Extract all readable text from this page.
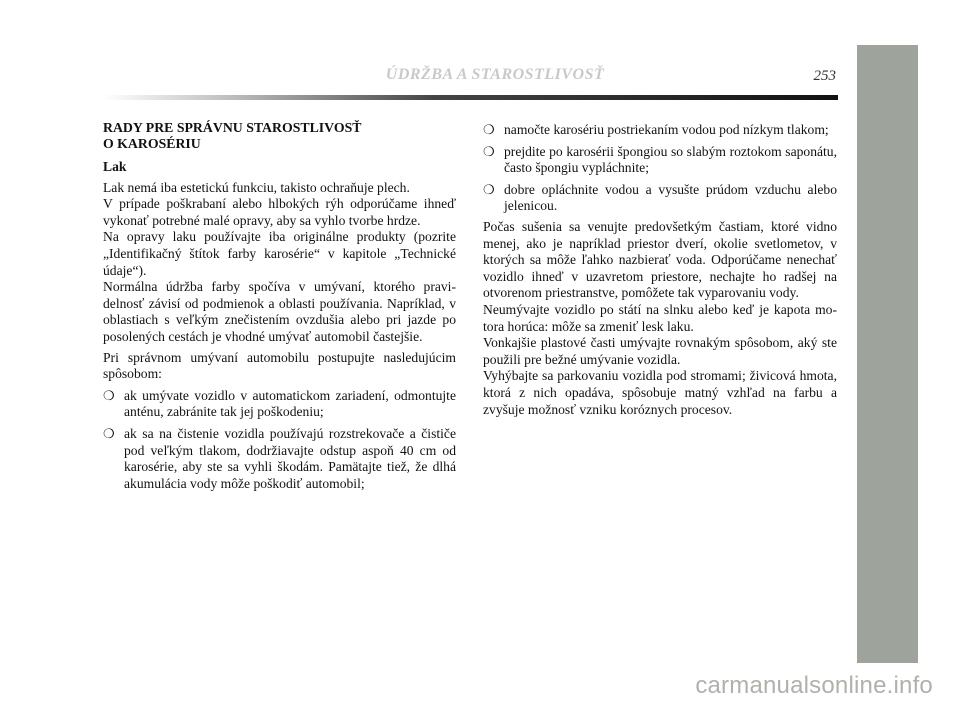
ÚDRŽBA A STAROSTLIVOSŤ	253
RADY PRE SPRÁVNU STAROSTLIVOSŤ
O KAROSÉRIU
Lak

Lak nemá iba estetickú funkciu, takisto ochraňuje plech.

V prípade poškrabaní alebo hlbokých rýh odporúčame ihneď vykonať potrebné malé opravy, aby sa vyhlo tvorbe hrdze.

Na opravy laku používajte iba originálne produkty (pozrite „Identifikačný štítok farby karosérie“ v kapitole „Technické údaje“).

Normálna údržba farby spočíva v umývaní, ktorého pravidelnosť závisí od podmienok a oblasti používania. Napríklad, v oblastiach s veľkým znečistením ovzdušia alebo pri jazde po posolených cestách je vhodné umývať automobil častejšie.

Pri správnom umývaní automobilu postupujte nasledujúcim spôsobom:

❍ ak umývate vozidlo v automatickom zariadení, odmontujte anténu, zabránite tak jej poškodeniu;
❍ ak sa na čistenie vozidla používajú rozstrekovače a čističe pod veľkým tlakom, dodržiavajte odstup aspoň 40 cm od karosérie, aby ste sa vyhli škodám. Pamätajte tiež, že dlhá akumulácia vody môže poškodiť automobil;
❍ namočte karosériu postriekaním vodou pod nízkym tlakom;
❍ prejdite po karosérii špongiou so slabým roztokom saponátu, často špongiu vypláchnite;
❍ dobre opláchnite vodou a vysušte prúdom vzduchu alebo jelenicou.

Počas sušenia sa venujte predovšetkým častiam, ktoré vidno menej, ako je napríklad priestor dverí, okolie svetlometov, v ktorých sa môže ľahko nazbierať voda. Odporúčame nenechať vozidlo ihneď v uzavretom priestore, nechajte ho radšej na otvorenom priestranstve, pomôžete tak vyparovaniu vody.

Neumývajte vozidlo po státí na slnku alebo keď je kapota motora horúca: môže sa zmeniť lesk laku.

Vonkajšie plastové časti umývajte rovnakým spôsobom, aký ste použili pre bežné umývanie vozidla.

Vyhýbajte sa parkovaniu vozidla pod stromami; živicová hmota, ktorá z nich opadáva, spôsobuje matný vzhľad na farbu a zvyšuje možnosť vzniku koróznych procesov.

carmanualsonline.info
